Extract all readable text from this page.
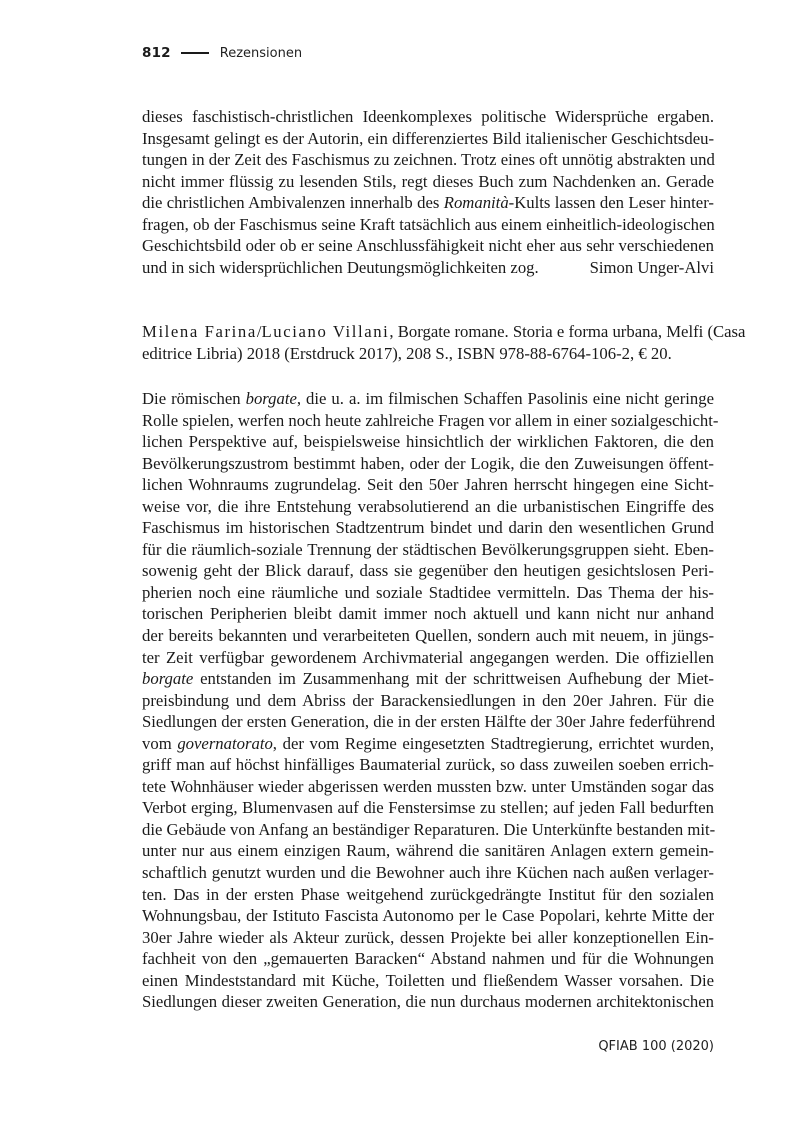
812	Rezensionen
dieses faschistisch-christlichen Ideenkomplexes politische Widersprüche ergaben.
Insgesamt gelingt es der Autorin, ein differenziertes Bild italienischer Geschichtsdeu-
tungen in der Zeit des Faschismus zu zeichnen. Trotz eines oft unnötig abstrakten und
nicht immer flüssig zu lesenden Stils, regt dieses Buch zum Nachdenken an. Gerade
die christlichen Ambivalenzen innerhalb des Romanità-Kults lassen den Leser hinter-
fragen, ob der Faschismus seine Kraft tatsächlich aus einem einheitlich-ideologischen
Geschichtsbild oder ob er seine Anschlussfähigkeit nicht eher aus sehr verschiedenen
und in sich widersprüchlichen Deutungsmöglichkeiten zog.	Simon Unger-Alvi
Milena Farina/Luciano Villani, Borgate romane. Storia e forma urbana, Melfi (Casa
editrice Libria) 2018 (Erstdruck 2017), 208 S., ISBN 978-88-6764-106-2, € 20.
Die römischen borgate, die u. a. im filmischen Schaffen Pasolinis eine nicht geringe
Rolle spielen, werfen noch heute zahlreiche Fragen vor allem in einer sozialgeschicht-
lichen Perspektive auf, beispielsweise hinsichtlich der wirklichen Faktoren, die den
Bevölkerungszustrom bestimmt haben, oder der Logik, die den Zuweisungen öffent-
lichen Wohnraums zugrundelag. Seit den 50er Jahren herrscht hingegen eine Sicht-
weise vor, die ihre Entstehung verabsolutierend an die urbanistischen Eingriffe des
Faschismus im historischen Stadtzentrum bindet und darin den wesentlichen Grund
für die räumlich-soziale Trennung der städtischen Bevölkerungsgruppen sieht. Eben-
sowenig geht der Blick darauf, dass sie gegenüber den heutigen gesichtslosen Peri-
pherien noch eine räumliche und soziale Stadtidee vermitteln. Das Thema der his-
torischen Peripherien bleibt damit immer noch aktuell und kann nicht nur anhand
der bereits bekannten und verarbeiteten Quellen, sondern auch mit neuem, in jüngs-
ter Zeit verfügbar gewordenem Archivmaterial angegangen werden. Die offiziellen
borgate entstanden im Zusammenhang mit der schrittweisen Aufhebung der Miet-
preisbindung und dem Abriss der Barackensiedlungen in den 20er Jahren. Für die
Siedlungen der ersten Generation, die in der ersten Hälfte der 30er Jahre federführend
vom governatorato, der vom Regime eingesetzten Stadtregierung, errichtet wurden,
griff man auf höchst hinfälliges Baumaterial zurück, so dass zuweilen soeben errich-
tete Wohnhäuser wieder abgerissen werden mussten bzw. unter Umständen sogar das
Verbot erging, Blumenvasen auf die Fenstersimse zu stellen; auf jeden Fall bedurften
die Gebäude von Anfang an beständiger Reparaturen. Die Unterkünfte bestanden mit-
unter nur aus einem einzigen Raum, während die sanitären Anlagen extern gemein-
schaftlich genutzt wurden und die Bewohner auch ihre Küchen nach außen verlager-
ten. Das in der ersten Phase weitgehend zurückgedrängte Institut für den sozialen
Wohnungsbau, der Istituto Fascista Autonomo per le Case Popolari, kehrte Mitte der
30er Jahre wieder als Akteur zurück, dessen Projekte bei aller konzeptionellen Ein-
fachheit von den „gemauerten Baracken“ Abstand nahmen und für die Wohnungen
einen Mindeststandard mit Küche, Toiletten und fließendem Wasser vorsahen. Die
Siedlungen dieser zweiten Generation, die nun durchaus modernen architektonischen
QFIAB 100 (2020)
